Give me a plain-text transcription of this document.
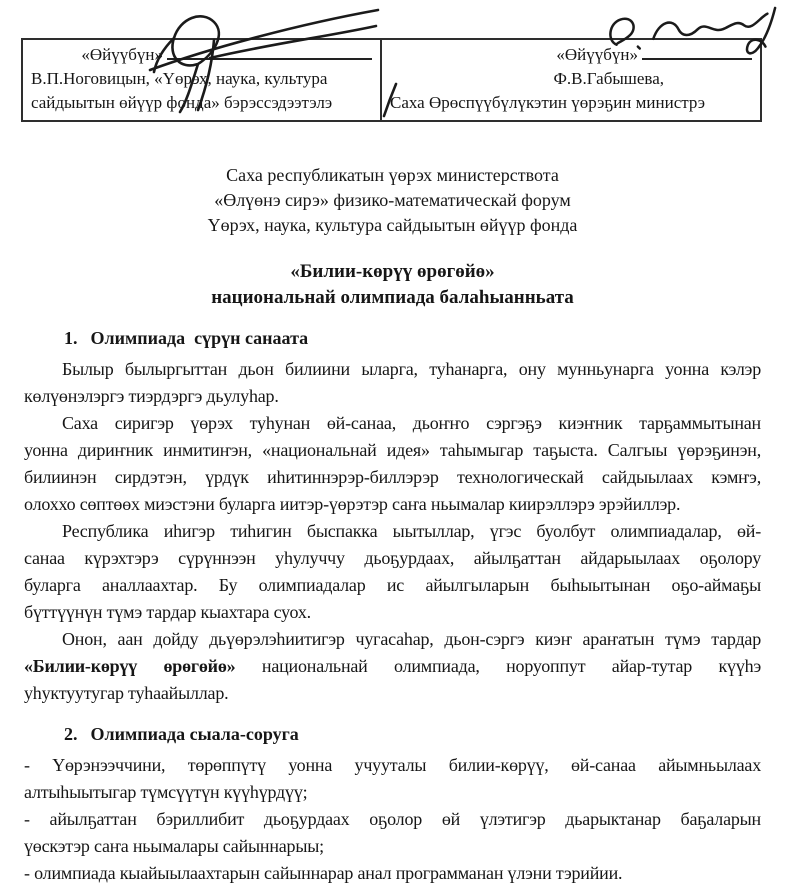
«Өйүүбүн»
В.П.Ноговицын, «Үөрэх, наука, культура
сайдыытын өйүүр фонда» бэрэссэдээтэлэ
«Өйүүбүн»
Ф.В.Габышева,
Саха Өрөспүүбүлүкэтин үөрэҕин министрэ
Саха республикатын үөрэх министерствота
«Өлүөнэ сирэ» физико-математическай форум
Үөрэх, наука, культура сайдыытын өйүүр фонда
«Билии-көрүү өрөгөйө»
национальнай олимпиада балаһыанньата
1. Олимпиада  сүрүн санаата
Былыр былыргыттан дьон билиини ыларга, туһанарга, ону мунньунарга уонна кэлэр
көлүөнэлэргэ тиэрдэргэ дьулуһар.
Саха сиригэр үөрэх туһунан өй-санаа, дьоҥҥо сэргэҕэ киэҥник тарҕаммытынан
уонна дириҥник инмитиҥэн, «национальнай идея» таһымыгар таҕыста. Салгыы үөрэҕинэн,
билиинэн сирдэтэн, үрдүк иһитиннэрэр-биллэрэр технологическай сайдыылаах кэмҥэ,
олоххо сөптөөх миэстэни буларга иитэр-үөрэтэр саҥа ньымалар киирэллэрэ эрэйиллэр.
Республика иһигэр тиһигин быспакка ыытыллар, үгэс буолбут олимпиадалар, өй-
санаа күрэхтэрэ сүрүннээн уһулуччу дьоҕурдаах, айылҕаттан айдарыылаах оҕолору
буларга аналлаахтар. Бу олимпиадалар ис айылгыларын быһыытынан оҕо-аймаҕы
бүттүүнүн түмэ тардар кыахтара суох.
Онон, аан дойду дьүөрэлэһиитигэр чугасаһар, дьон-сэргэ киэҥ араҥатын түмэ тардар
«Билии-көрүү өрөгөйө» национальнай олимпиада, норуоппут айар-тутар күүһэ
уһуктуутугар туһаайыллар.
2. Олимпиада сыала-соруга
- Үөрэнээччини, төрөппүтү уонна учууталы билии-көрүү, өй-санаа айымньылаах
алтыһыытыгар түмсүүтүн күүһүрдүү;
- айылҕаттан бэриллибит дьоҕурдаах оҕолор өй үлэтигэр дьарыктанар баҕаларын
үөскэтэр саҥа ньымалары сайыннарыы;
- олимпиада кыайыылаахтарын сайыннарар анал программанан үлэни тэрийии.
